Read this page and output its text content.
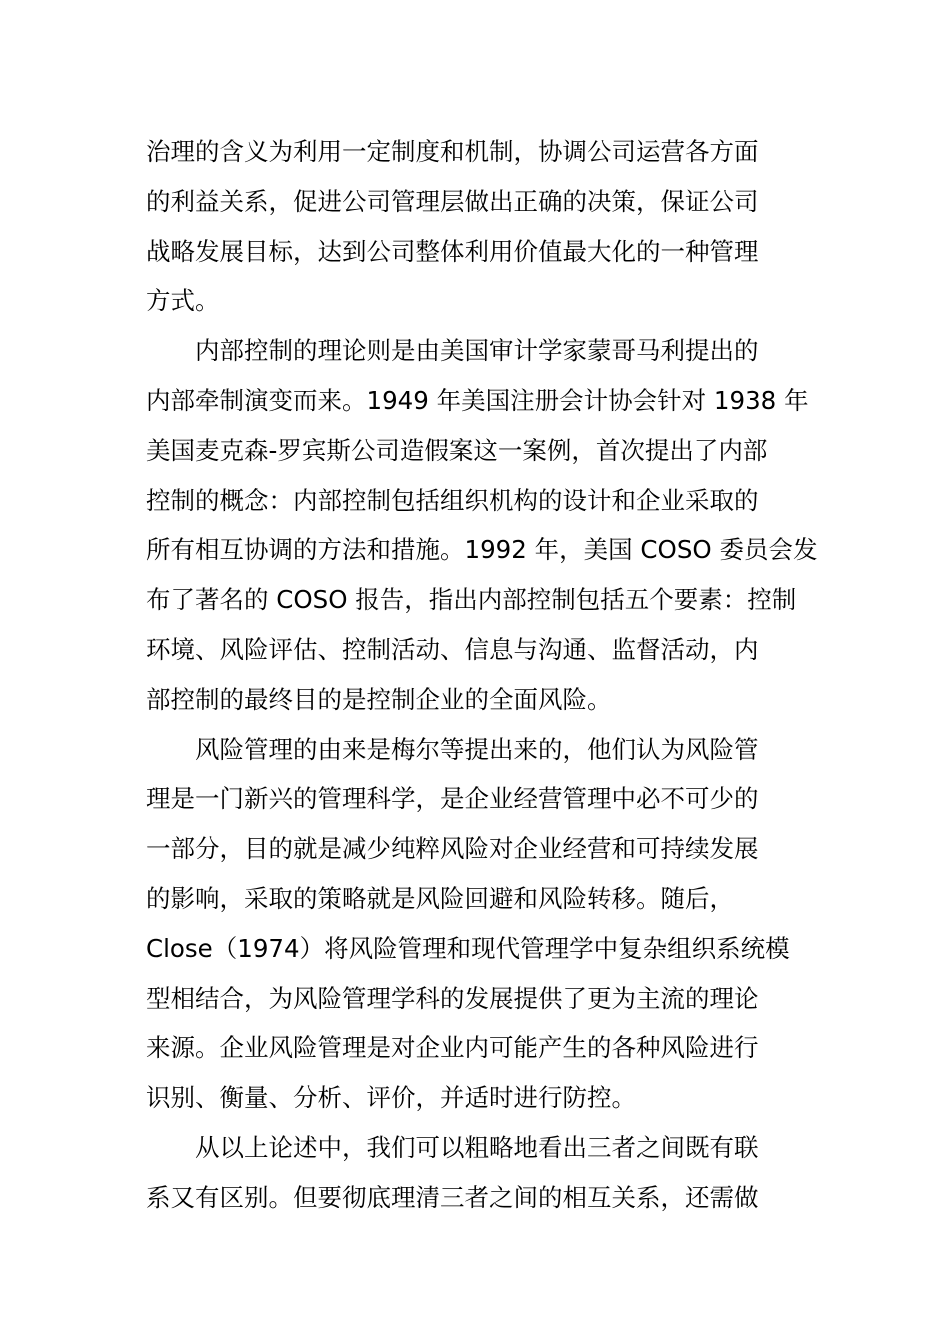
治理的含义为利用一定制度和机制，协调公司运营各方面
的利益关系，促进公司管理层做出正确的决策，保证公司
战略发展目标，达到公司整体利用价值最大化的一种管理
方式。
内部控制的理论则是由美国审计学家蒙哥马利提出的
内部牵制演变而来。1949 年美国注册会计协会针对 1938 年
美国麦克森-罗宾斯公司造假案这一案例，首次提出了内部
控制的概念：内部控制包括组织机构的设计和企业采取的
所有相互协调的方法和措施。1992 年，美国 COSO 委员会发
布了著名的 COSO 报告，指出内部控制包括五个要素：控制
环境、风险评估、控制活动、信息与沟通、监督活动，内
部控制的最终目的是控制企业的全面风险。
风险管理的由来是梅尔等提出来的，他们认为风险管
理是一门新兴的管理科学，是企业经营管理中必不可少的
一部分，目的就是减少纯粹风险对企业经营和可持续发展
的影响，采取的策略就是风险回避和风险转移。随后，
Close（1974）将风险管理和现代管理学中复杂组织系统模
型相结合，为风险管理学科的发展提供了更为主流的理论
来源。企业风险管理是对企业内可能产生的各种风险进行
识别、衡量、分析、评价，并适时进行防控。
从以上论述中，我们可以粗略地看出三者之间既有联
系又有区别。但要彻底理清三者之间的相互关系，还需做
